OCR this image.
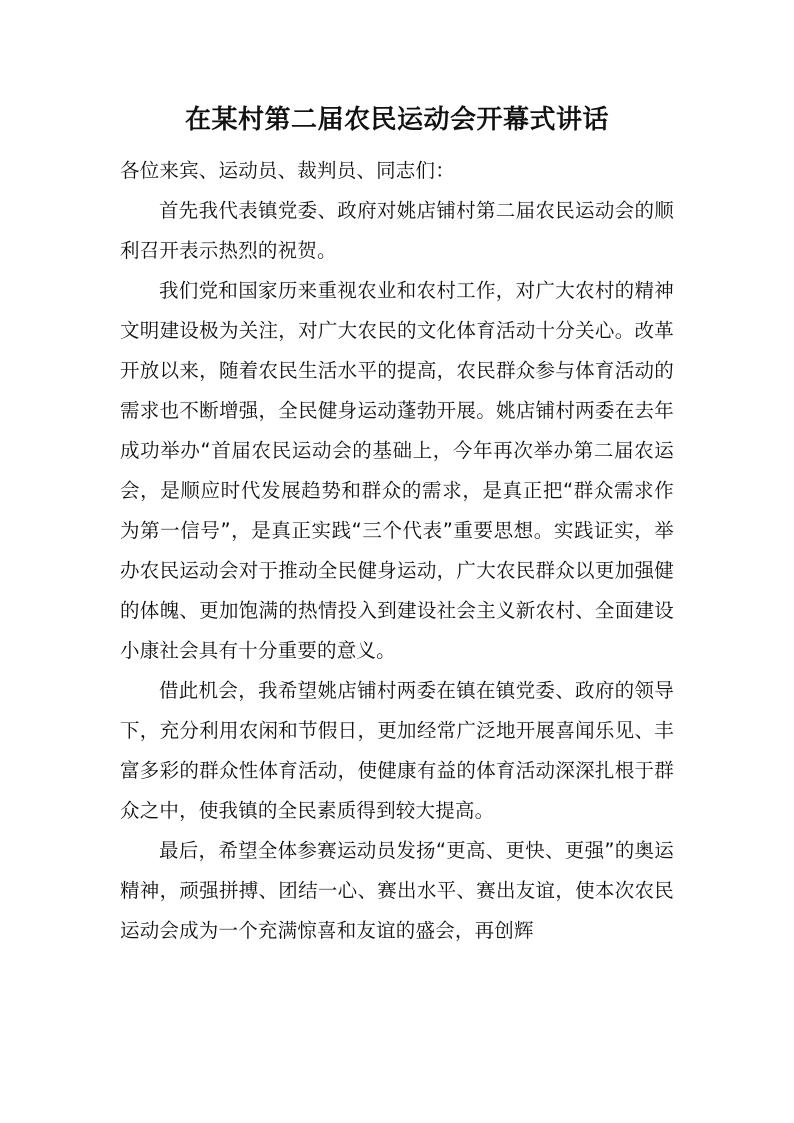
在某村第二届农民运动会开幕式讲话

各位来宾、运动员、裁判员、同志们：

首先我代表镇党委、政府对姚店铺村第二届农民运动会的顺利召开表示热烈的祝贺。

我们党和国家历来重视农业和农村工作，对广大农村的精神文明建设极为关注，对广大农民的文化体育活动十分关心。改革开放以来，随着农民生活水平的提高，农民群众参与体育活动的需求也不断增强，全民健身运动蓬勃开展。姚店铺村两委在去年成功举办“首届农民运动会的基础上，今年再次举办第二届农运会，是顺应时代发展趋势和群众的需求，是真正把“群众需求作为第一信号”，是真正实践“三个代表”重要思想。实践证实，举办农民运动会对于推动全民健身运动，广大农民群众以更加强健的体魄、更加饱满的热情投入到建设社会主义新农村、全面建设小康社会具有十分重要的意义。

借此机会，我希望姚店铺村两委在镇在镇党委、政府的领导下，充分利用农闲和节假日，更加经常广泛地开展喜闻乐见、丰富多彩的群众性体育活动，使健康有益的体育活动深深扎根于群众之中，使我镇的全民素质得到较大提高。

最后，希望全体参赛运动员发扬“更高、更快、更强”的奥运精神，顽强拼搏、团结一心、赛出水平、赛出友谊，使本次农民运动会成为一个充满惊喜和友谊的盛会，再创辉
